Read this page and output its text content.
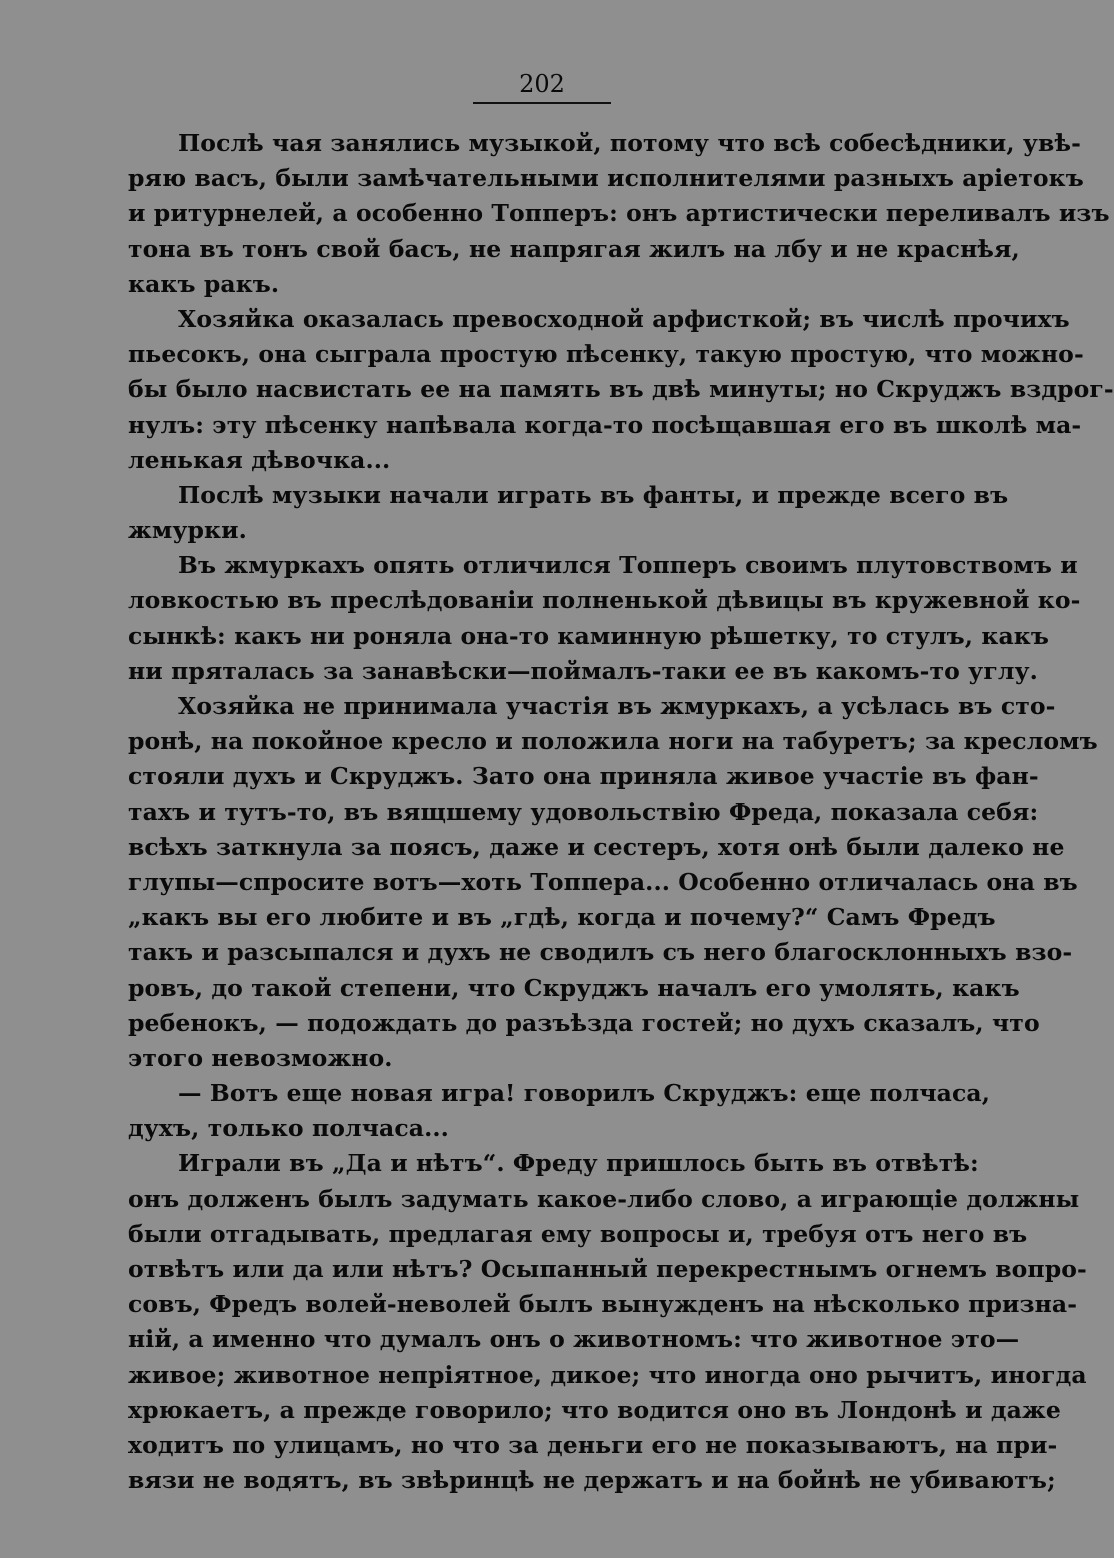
202
Послѣ чая занялись музыкой, потому что всѣ собесѣдники, увѣ-
ряю васъ, были замѣчательными исполнителями разныхъ аріетокъ
и ритурнелей, а особенно Топперъ: онъ артистически переливалъ изъ
тона въ тонъ свой басъ, не напрягая жилъ на лбу и не краснѣя,
какъ ракъ.
Хозяйка оказалась превосходной арфисткой; въ числѣ прочихъ
пьесокъ, она сыграла простую пѣсенку, такую простую, что можно-
бы было насвистать ее на память въ двѣ минуты; но Скруджъ вздрог-
нулъ: эту пѣсенку напѣвала когда-то посѣщавшая его въ школѣ ма-
ленькая дѣвочка...
Послѣ музыки начали играть въ фанты, и прежде всего въ
жмурки.
Въ жмуркахъ опять отличился Топперъ своимъ плутовствомъ и
ловкостью въ преслѣдованіи полненькой дѣвицы въ кружевной ко-
сынкѣ: какъ ни роняла она-то каминную рѣшетку, то стулъ, какъ
ни пряталась за занавѣски—поймалъ-таки ее въ какомъ-то углу.
Хозяйка не принимала участія въ жмуркахъ, а усѣлась въ сто-
ронѣ, на покойное кресло и положила ноги на табуретъ; за кресломъ
стояли духъ и Скруджъ. Зато она приняла живое участіе въ фан-
тахъ и тутъ-то, въ вящшему удовольствію Фреда, показала себя:
всѣхъ заткнула за поясъ, даже и сестеръ, хотя онѣ были далеко не
глупы—спросите вотъ—хоть Топпера... Особенно отличалась она въ
„какъ вы его любите и въ „гдѣ, когда и почему?“ Самъ Фредъ
такъ и разсыпался и духъ не сводилъ съ него благосклонныхъ взо-
ровъ, до такой степени, что Скруджъ началъ его умолять, какъ
ребенокъ, — подождать до разъѣзда гостей; но духъ сказалъ, что
этого невозможно.
— Вотъ еще новая игра! говорилъ Скруджъ: еще полчаса,
духъ, только полчаса...
Играли въ „Да и нѣтъ“. Фреду пришлось быть въ отвѣтѣ:
онъ долженъ былъ задумать какое-либо слово, а играющіе должны
были отгадывать, предлагая ему вопросы и, требуя отъ него въ
отвѣтъ или да или нѣтъ? Осыпанный перекрестнымъ огнемъ вопро-
совъ, Фредъ волей-неволей былъ вынужденъ на нѣсколько призна-
ній, а именно что думалъ онъ о животномъ: что животное это—
живое; животное непріятное, дикое; что иногда оно рычитъ, иногда
хрюкаетъ, а прежде говорило; что водится оно въ Лондонѣ и даже
ходитъ по улицамъ, но что за деньги его не показываютъ, на при-
вязи не водятъ, въ звѣринцѣ не держатъ и на бойнѣ не убиваютъ;
